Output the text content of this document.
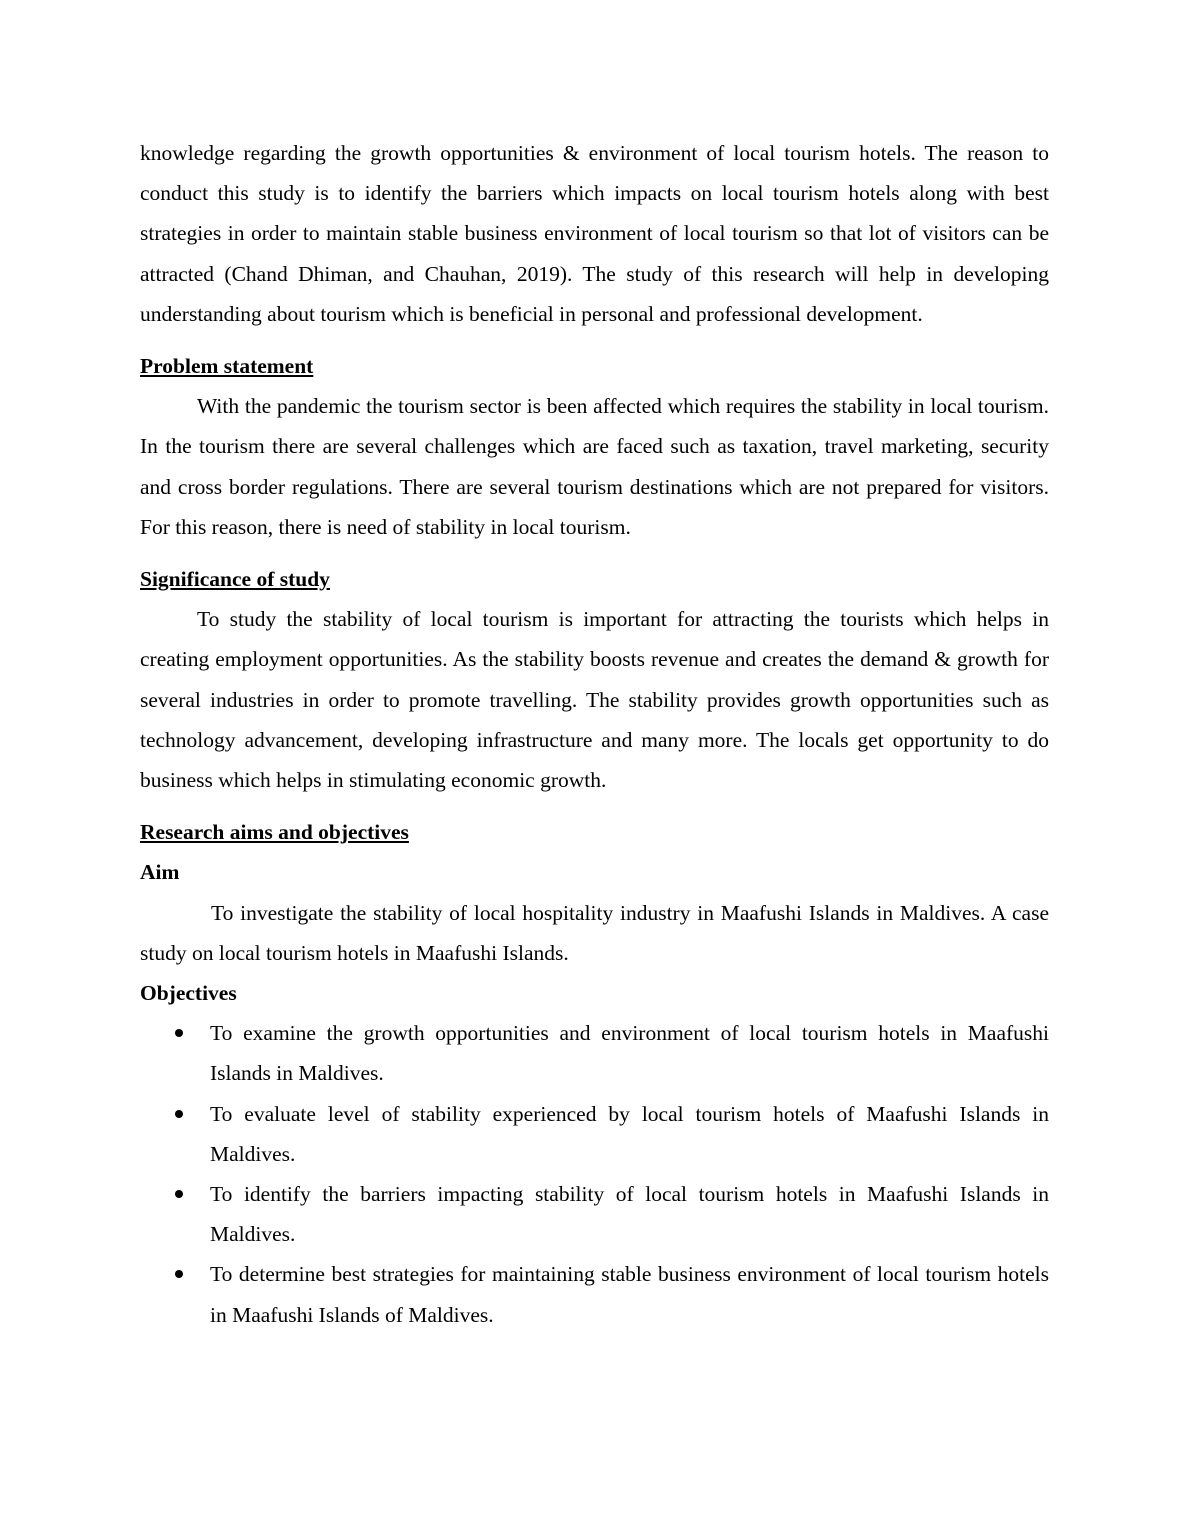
knowledge regarding the growth opportunities & environment of local tourism hotels. The reason to conduct this study is to identify the barriers which impacts on local tourism hotels along with best strategies in order to maintain stable business environment of local tourism so that lot of visitors can be attracted (Chand Dhiman, and Chauhan, 2019). The study of this research will help in developing understanding about tourism which is beneficial in personal and professional development.

Problem statement

With the pandemic the tourism sector is been affected which requires the stability in local tourism. In the tourism there are several challenges which are faced such as taxation, travel marketing, security and cross border regulations. There are several tourism destinations which are not prepared for visitors. For this reason, there is need of stability in local tourism.

Significance of study

To study the stability of local tourism is important for attracting the tourists which helps in creating employment opportunities. As the stability boosts revenue and creates the demand & growth for several industries in order to promote travelling. The stability provides growth opportunities such as technology advancement, developing infrastructure and many more. The locals get opportunity to do business which helps in stimulating economic growth.

Research aims and objectives
Aim

To investigate the stability of local hospitality industry in Maafushi Islands in Maldives. A case study on local tourism hotels in Maafushi Islands.

Objectives
To examine the growth opportunities and environment of local tourism hotels in Maafushi Islands in Maldives.
To evaluate level of stability experienced by local tourism hotels of Maafushi Islands in Maldives.
To identify the barriers impacting stability of local tourism hotels in Maafushi Islands in Maldives.
To determine best strategies for maintaining stable business environment of local tourism hotels in Maafushi Islands of Maldives.
